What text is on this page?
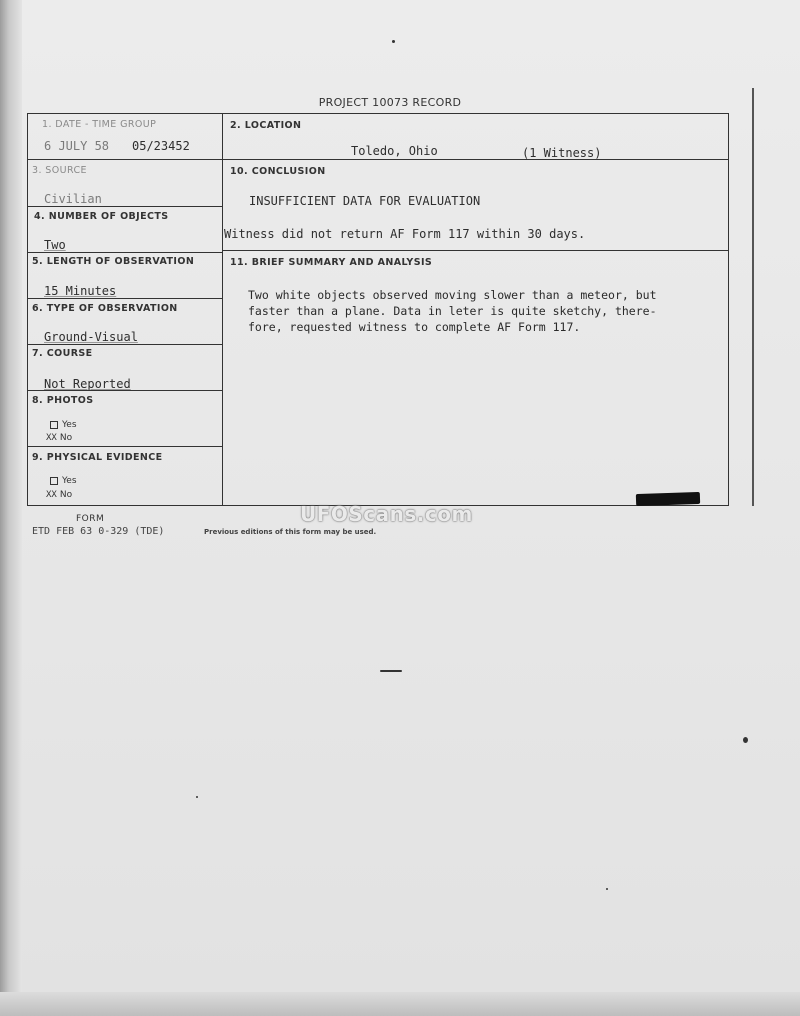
PROJECT 10073 RECORD
1. DATE - TIME GROUP
6 JULY 58 05/23452
2. LOCATION
Toledo, Ohio	(1 Witness)
3. SOURCE
Civilian
10. CONCLUSION
INSUFFICIENT DATA FOR EVALUATION
Witness did not return AF Form 117 within 30 days.
4. NUMBER OF OBJECTS
Two
5. LENGTH OF OBSERVATION
15 Minutes
11. BRIEF SUMMARY AND ANALYSIS
Two white objects observed moving slower than a meteor, but
faster than a plane. Data in leter is quite sketchy, there-
fore, requested witness to complete AF Form 117.
6. TYPE OF OBSERVATION
Ground-Visual
7. COURSE
Not Reported
8. PHOTOS
Yes
XX No
9. PHYSICAL EVIDENCE
Yes
XX No
UFOScans.com
FORM
ETD FEB 63 0-329 (TDE)	Previous editions of this form may be used.
